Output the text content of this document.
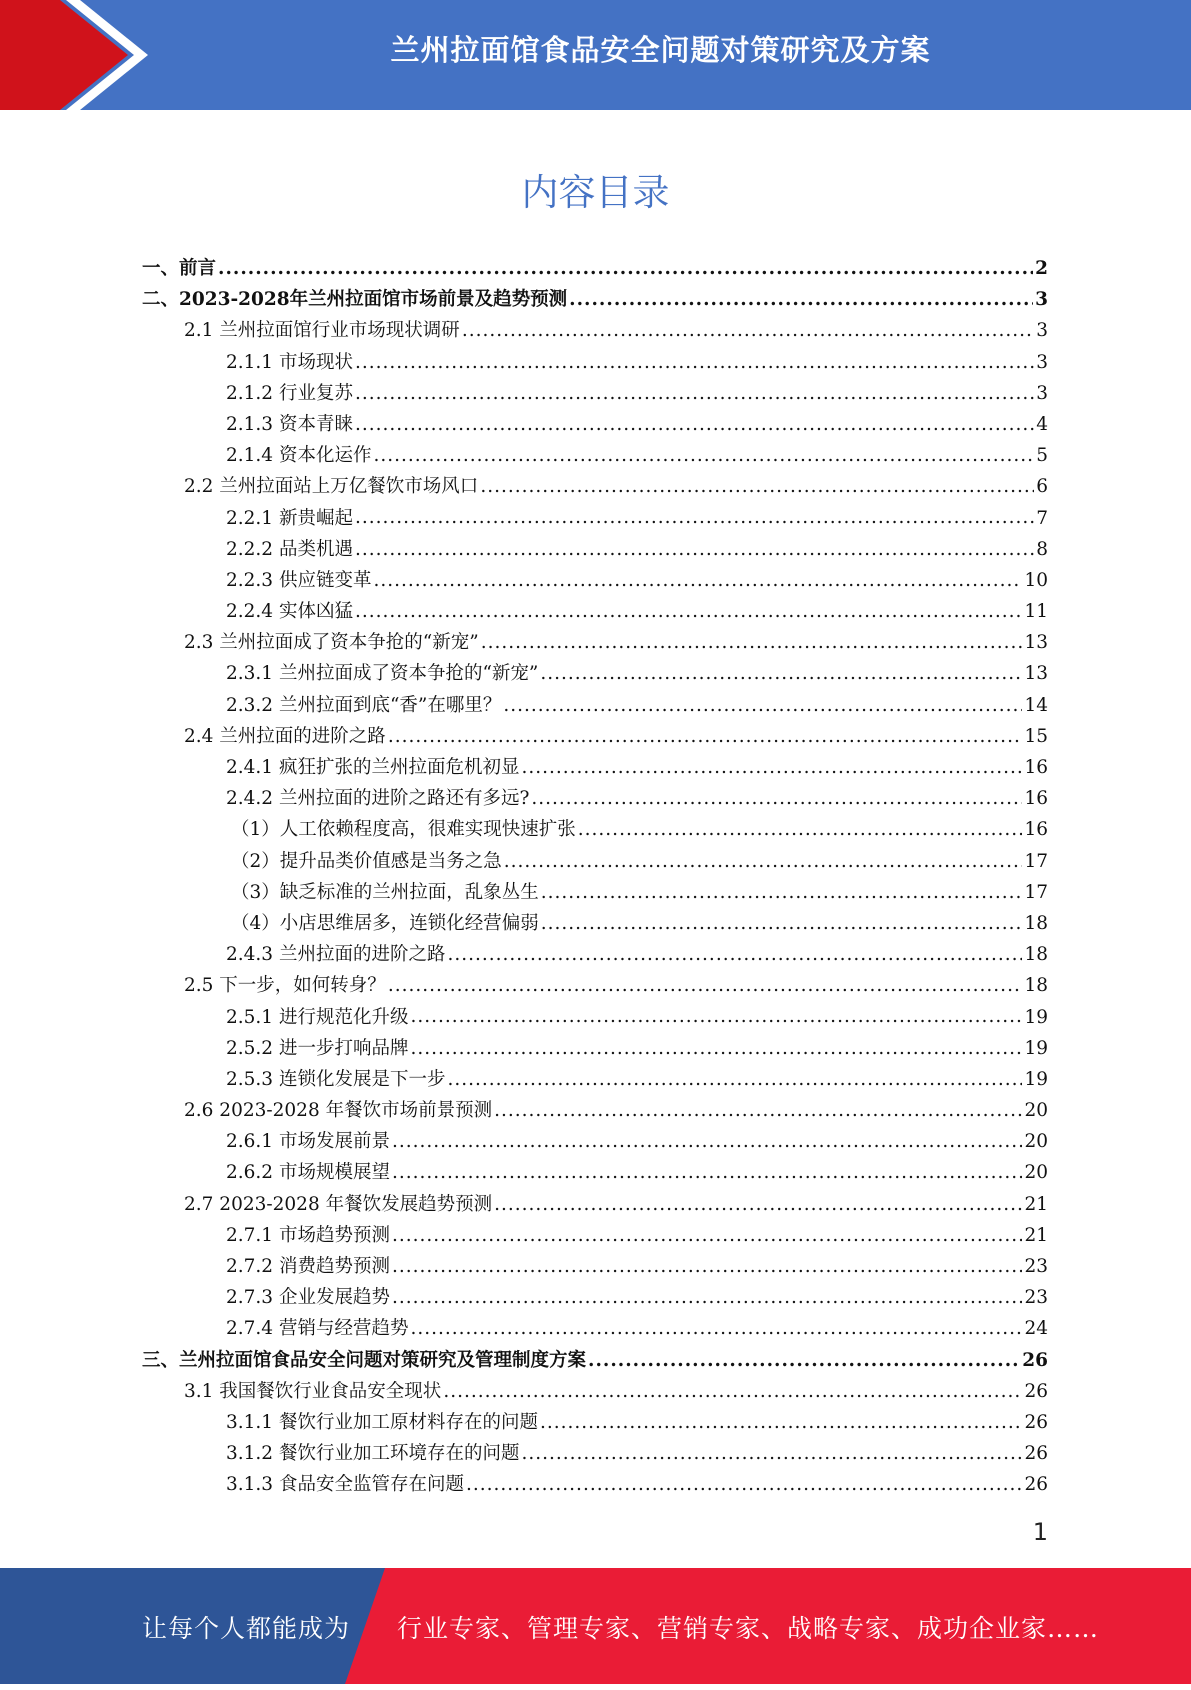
兰州拉面馆食品安全问题对策研究及方案
内容目录
一、前言 .....	2
二、2023-2028年兰州拉面馆市场前景及趋势预测 .....	3
2.1 兰州拉面馆行业市场现状调研 .....	3
2.1.1 市场现状 .....	3
2.1.2 行业复苏 .....	3
2.1.3 资本青睐 .....	4
2.1.4 资本化运作 .....	5
2.2 兰州拉面站上万亿餐饮市场风口 .....	6
2.2.1 新贵崛起 .....	7
2.2.2 品类机遇 .....	8
2.2.3 供应链变革 .....	10
2.2.4 实体凶猛 .....	11
2.3 兰州拉面成了资本争抢的“新宠” .....	13
2.3.1 兰州拉面成了资本争抢的“新宠” .....	13
2.3.2 兰州拉面到底“香”在哪里？ .....	14
2.4 兰州拉面的进阶之路 .....	15
2.4.1 疯狂扩张的兰州拉面危机初显 .....	16
2.4.2 兰州拉面的进阶之路还有多远? .....	16
（1）人工依赖程度高，很难实现快速扩张 .....	16
（2）提升品类价值感是当务之急 .....	17
（3）缺乏标准的兰州拉面，乱象丛生 .....	17
（4）小店思维居多，连锁化经营偏弱 .....	18
2.4.3 兰州拉面的进阶之路 .....	18
2.5 下一步，如何转身？ .....	18
2.5.1 进行规范化升级 .....	19
2.5.2 进一步打响品牌 .....	19
2.5.3 连锁化发展是下一步 .....	19
2.6 2023-2028 年餐饮市场前景预测 .....	20
2.6.1 市场发展前景 .....	20
2.6.2 市场规模展望 .....	20
2.7 2023-2028 年餐饮发展趋势预测 .....	21
2.7.1 市场趋势预测 .....	21
2.7.2 消费趋势预测 .....	23
2.7.3 企业发展趋势 .....	23
2.7.4 营销与经营趋势 .....	24
三、兰州拉面馆食品安全问题对策研究及管理制度方案 .....	26
3.1 我国餐饮行业食品安全现状 .....	26
3.1.1 餐饮行业加工原材料存在的问题 .....	26
3.1.2 餐饮行业加工环境存在的问题 .....	26
3.1.3 食品安全监管存在问题 .....	26
1
让每个人都能成为 行业专家、管理专家、营销专家、战略专家、成功企业家……
